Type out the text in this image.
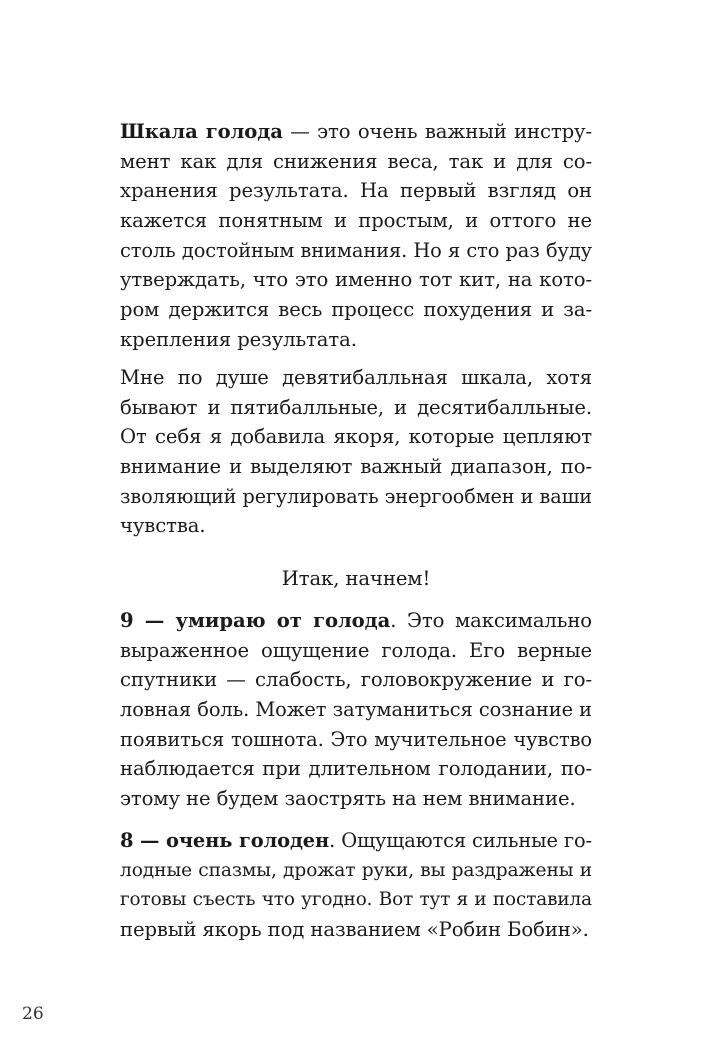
Шкала голода — это очень важный инстру-
мент как для снижения веса, так и для со-
хранения результата. На первый взгляд он
кажется понятным и простым, и оттого не
столь достойным внимания. Но я сто раз буду
утверждать, что это именно тот кит, на кото-
ром держится весь процесс похудения и за-
крепления результата.
Мне по душе девятибалльная шкала, хотя
бывают и пятибалльные, и десятибалльные.
От себя я добавила якоря, которые цепляют
внимание и выделяют важный диапазон, по-
зволяющий регулировать энергообмен и ваши
чувства.
Итак, начнем!
9 — умираю от голода. Это максимально
выраженное ощущение голода. Его верные
спутники — слабость, головокружение и го-
ловная боль. Может затуманиться сознание и
появиться тошнота. Это мучительное чувство
наблюдается при длительном голодании, по-
этому не будем заострять на нем внимание.
8 — очень голоден. Ощущаются сильные го-
лодные спазмы, дрожат руки, вы раздражены и
готовы съесть что угодно. Вот тут я и поставила
первый якорь под названием «Робин Бобин».
26
